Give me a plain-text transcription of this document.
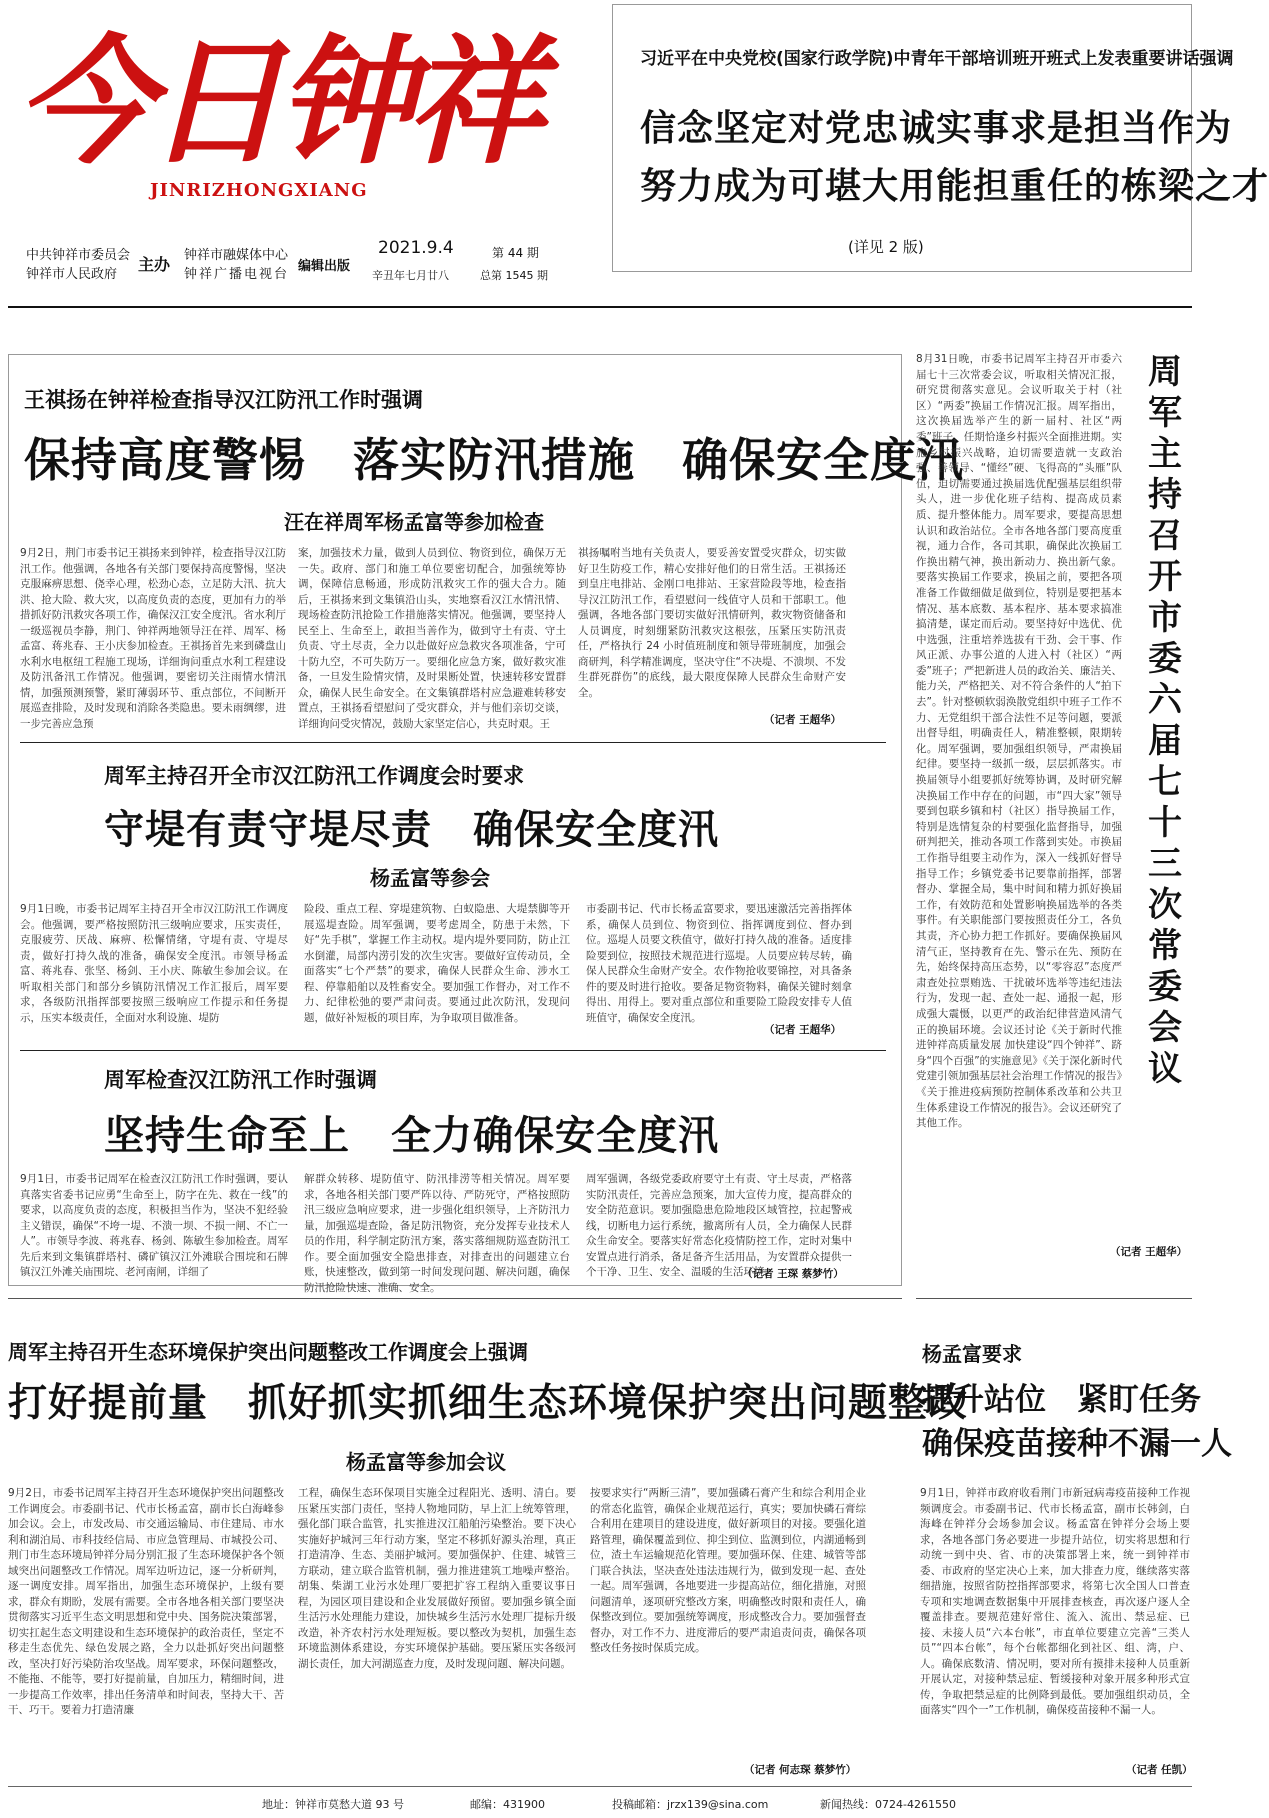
今日钟祥
JINRIZHONGXIANG
中共钟祥市委员会
钟祥市人民政府
主办 钟祥市融媒体中心
钟祥广播电视台
编辑出版
2021.9.4
辛丑年七月廿八
第 44 期
总第 1545 期
习近平在中央党校(国家行政学院)中青年干部培训班开班式上发表重要讲话强调
信念坚定对党忠诚实事求是担当作为
努力成为可堪大用能担重任的栋梁之才
(详见 2 版)
王祺扬在钟祥检查指导汉江防汛工作时强调
保持高度警惕　落实防汛措施　确保安全度汛
汪在祥周军杨孟富等参加检查
9月2日，荆门市委书记王祺扬来到钟祥，检查指导汉江防汛工作。他强调，各地各有关部门要保持高度警惕，坚决克服麻痹思想、侥幸心理，松劲心态，立足防大汛、抗大洪、抢大险、救大灾，以高度负责的态度，更加有力的举措抓好防汛救灾各项工作，确保汉江安全度汛。省水利厅一级巡视员李静，荆门、钟祥两地领导汪在祥、周军、杨孟富、蒋兆春、王小庆参加检查。王祺扬首先来到磷盘山水利水电枢纽工程施工现场，详细询问重点水利工程建设及防汛备汛工作情况。他强调，要密切关注雨情水情汛情，加强预测预警，紧盯薄弱环节、重点部位，不间断开展巡查排险，及时发现和消除各类隐患。要未雨绸缪，进一步完善应急预
案，加强技术力量，做到人员到位、物资到位，确保万无一失。政府、部门和施工单位要密切配合，加强统筹协调，保障信息畅通，形成防汛救灾工作的强大合力。随后，王祺扬来到文集镇沿山头，实地察看汉江水情汛情、现场检查防汛抢险工作措施落实情况。他强调，要坚持人民至上、生命至上，敢担当善作为，做到守土有责、守土负责、守土尽责，全力以赴做好应急救灾各项准备，宁可十防九空，不可失防万一。要细化应急方案，做好救灾准备，一旦发生险情灾情，及时果断处置，快速转移安置群众，确保人民生命安全。在文集镇群塔村应急避难转移安置点，王祺扬看望慰问了受灾群众，并与他们亲切交谈，详细询问受灾情况，鼓励大家坚定信心，共克时艰。王
祺扬嘱咐当地有关负责人，要妥善安置受灾群众，切实做好卫生防疫工作，精心安排好他们的日常生活。王祺扬还到皇庄电排站、金刚口电排站、王家营险段等地，检查指导汉江防汛工作，看望慰问一线值守人员和干部职工。他强调，各地各部门要切实做好汛情研判，救灾物资储备和人员调度，时刻绷紧防汛救灾这根弦，压紧压实防汛责任，严格执行 24 小时值班制度和领导带班制度，加强会商研判，科学精准调度，坚决守住“不决堤、不溃坝、不发生群死群伤”的底线，最大限度保障人民群众生命财产安全。
（记者 王超华）
周军主持召开全市汉江防汛工作调度会时要求
守堤有责守堤尽责　确保安全度汛
杨孟富等参会
9月1日晚，市委书记周军主持召开全市汉江防汛工作调度会。他强调，要严格按照防汛三级响应要求，压实责任，克服疲劳、厌战、麻痹、松懈情绪，守堤有责、守堤尽责，做好打持久战的准备，确保安全度汛。市领导杨孟富、蒋兆春、张坚、杨剑、王小庆、陈敏生参加会议。在听取相关部门和部分乡镇防汛情况工作汇报后，周军要求，各级防汛指挥部要按照三级响应工作提示和任务提示，压实本级责任，全面对水利设施、堤防
险段、重点工程、穿堤建筑物、白蚁隐患、大堤禁脚等开展巡堤查险。周军强调，要考虑周全，防患于未然，下好“先手棋”，掌握工作主动权。堤内堤外要同防，防止江水倒灌，局部内涝引发的次生灾害。要做好宣传动员，全面落实“七个严禁”的要求，确保人民群众生命、涉水工程、停靠船舶以及牲畜安全。要加强工作督办，对工作不力、纪律松弛的要严肃问责。要通过此次防汛，发现问题，做好补短板的项目库，为争取项目做准备。
市委副书记、代市长杨孟富要求，要迅速激活完善指挥体系，确保人员到位、物资到位、指挥调度到位、督办到位。巡堤人员要文秩值守，做好打持久战的准备。适度排险要到位，按照技术规范进行巡堤。人员要应转尽转，确保人民群众生命财产安全。农作物抢收要锦控，对具备条件的要及时进行抢收。要备足物资物料，确保关键时刻拿得出、用得上。要对重点部位和重要险工险段安排专人值班值守，确保安全度汛。
（记者 王超华）
周军检查汉江防汛工作时强调
坚持生命至上　全力确保安全度汛
9月1日，市委书记周军在检查汉江防汛工作时强调，要认真落实省委书记应勇“生命至上，防字在先、救在一线”的要求，以高度负责的态度，积极担当作为，坚决不犯经验主义错误，确保“不垮一堤、不溃一坝、不损一闸、不亡一人”。市领导李波、蒋兆春、杨剑、陈敏生参加检查。周军先后来到文集镇群塔村、磷矿镇汉江外滩联合围垸和石牌镇汉江外滩关庙围垸、老河南闸，详细了
解群众转移、堤防值守、防汛排涝等相关情况。周军要求，各地各相关部门要严阵以待、严防死守，严格按照防汛三级应急响应要求，进一步强化组织领导，上齐防汛力量，加强巡堤查险，备足防汛物资，充分发挥专业技术人员的作用，科学制定防汛方案，落实落细规防巡查防汛工作。要全面加强安全隐患排查，对排查出的问题建立台账，快速整改，做到第一时间发现问题、解决问题，确保防汛抢险快速、准确、安全。
周军强调，各级党委政府要守土有责、守土尽责，严格落实防汛责任，完善应急预案，加大宣传力度，提高群众的安全防范意识。要加强隐患危险地段区域管控，拉起警戒线，切断电力运行系统，撤离所有人员，全力确保人民群众生命安全。要落实好常态化疫情防控工作，定时对集中安置点进行消杀，备足备齐生活用品，为安置群众提供一个干净、卫生、安全、温暖的生活环境。
（记者 王琛 蔡梦竹）
8月31日晚，市委书记周军主持召开市委六届七十三次常委会议，听取相关情况汇报，研究贯彻落实意见。会议听取关于村（社区）“两委”换届工作情况汇报。周军指出，这次换届选举产生的新一届村、社区“两委”班子，任期恰逢乡村振兴全面推进期。实施乡村振兴战略，迫切需要造就一支政治强、善领导、“懂经”硬、飞得高的“头雁”队伍，迫切需要通过换届选优配强基层组织带头人，进一步优化班子结构、提高成员素质、提升整体能力。周军要求，要提高思想认识和政治站位。全市各地各部门要高度重视，通力合作，各司其职，确保此次换届工作换出精气神，换出新动力、换出新气象。要落实换届工作要求，换届之前，要把各项准备工作做细做足做到位，特别是要把基本情况、基本底数、基本程序、基本要求搞准搞清楚，谋定而后动。要坚持好中选优、优中选强，注重培养选拔有干劲、会干事、作风正派、办事公道的人进入村（社区）“两委”班子；严把新进人员的政治关、廉洁关、能力关，严格把关、对不符合条件的人“拍下去”。针对整顿软弱涣散党组织中班子工作不力、无党组织干部合法性不足等问题，要派出督导组，明确责任人，精准整顿，限期转化。周军强调，要加强组织领导，严肃换届纪律。要坚持一级抓一级，层层抓落实。市换届领导小组要抓好统筹协调，及时研究解决换届工作中存在的问题，市“四大家”领导要到包联乡镇和村（社区）指导换届工作，特别是选情复杂的村要强化监督指导，加强研判把关，推动各项工作落到实处。市换届工作指导组要主动作为，深入一线抓好督导指导工作；乡镇党委书记要靠前指挥，部署督办、掌握全局，集中时间和精力抓好换届工作，有效防范和处置影响换届选举的各类事件。有关职能部门要按照责任分工，各负其责，齐心协力把工作抓好。要确保换届风清气正，坚持教育在先、警示在先、预防在先，始终保持高压态势，以“零容忍”态度严肃查处拉票贿选、干扰破坏选举等违纪违法行为，发现一起、查处一起、通报一起，形成强大震慑，以更严的政治纪律营造风清气正的换届环境。会议还讨论《关于新时代推进钟祥高质量发展 加快建设“四个钟祥”、跻身“四个百强”的实施意见》《关于深化新时代党建引领加强基层社会治理工作情况的报告》《关于推进疫病预防控制体系改革和公共卫生体系建设工作情况的报告》。会议还研究了其他工作。
周军主持召开市委六届七十三次常委会议
（记者 王超华）
周军主持召开生态环境保护突出问题整改工作调度会上强调
打好提前量　抓好抓实抓细生态环境保护突出问题整改
杨孟富等参加会议
9月2日，市委书记周军主持召开生态环境保护突出问题整改工作调度会。市委副书记、代市长杨孟富，副市长白海峰参加会议。会上，市发改局、市交通运输局、市住建局、市水利和湖泊局、市科技经信局、市应急管理局、市城投公司、荆门市生态环境局钟祥分局分别汇报了生态环境保护各个领域突出问题整改工作情况。周军边听边记，逐一分析研判，逐一调度安排。周军指出，加强生态环境保护，上级有要求，群众有期盼，发展有需要。全市各地各相关部门要坚决贯彻落实习近平生态文明思想和党中央、国务院决策部署，切实扛起生态文明建设和生态环境保护的政治责任，坚定不移走生态优先、绿色发展之路，全力以赴抓好突出问题整改，坚决打好污染防治攻坚战。周军要求，环保问题整改，不能拖、不能等，要打好提前量，自加压力，精细时间，进一步提高工作效率，排出任务清单和时间表，坚持大干、苦干、巧干。要着力打造清廉
工程，确保生态环保项目实施全过程阳光、透明、清白。要压紧压实部门责任，坚持人物地同防，早上汇上统筹管理，强化部门联合监管，扎实推进汉江船舶污染整治。要下决心实施好护城河三年行动方案，坚定不移抓好源头治理，真正打造清净、生态、美丽护城河。要加强保护、住建、城管三方联动，建立联合监管机制，强力推进建筑工地噪声整治。胡集、柴湖工业污水处理厂要把扩容工程纳入重要议事日程，为园区项目建设和企业发展做好预留。要加强乡镇全面生活污水处理能力建设，加快城乡生活污水处理厂提标升级改造，补齐农村污水处理短板。要以整改为契机，加强生态环境监测体系建设，夯实环境保护基础。要压紧压实各级河湖长责任，加大河湖巡查力度，及时发现问题、解决问题。
按要求实行“两断三清”，要加强磷石膏产生和综合利用企业的常态化监管，确保企业规范运行，真实；要加快磷石膏综合利用在建项目的建设进度，做好新项目的对接。要强化道路管理，确保覆盖到位、抑尘到位、监测到位，内湖通畅到位，渣土车运输规范化管理。要加强环保、住建、城管等部门联合执法，坚决查处违法违规行为，做到发现一起、查处一起。周军强调，各地要进一步提高站位，细化措施，对照问题清单，逐项研究整改方案，明确整改时限和责任人，确保整改到位。要加强统筹调度，形成整改合力。要加强督查督办，对工作不力、进度滞后的要严肃追责问责，确保各项整改任务按时保质完成。
（记者 何志琛 蔡梦竹）
杨孟富要求
提升站位　紧盯任务
确保疫苗接种不漏一人
9月1日，钟祥市政府收看荆门市新冠病毒疫苗接种工作视频调度会。市委副书记、代市长杨孟富，副市长韩剑，白海峰在钟祥分会场参加会议。杨孟富在钟祥分会场上要求，各地各部门务必要进一步提升站位，切实将思想和行动统一到中央、省、市的决策部署上来，统一到钟祥市委、市政府的坚定决心上来，加大排查力度，继续落实落细措施，按照省防控指挥部要求，将第七次全国人口普查专项和实地调查数据集中开展排查核查，再次逐户逐人全覆盖排查。要规范建好常住、流入、流出、禁忌症、已接、未接人员“六本台帐”，市直单位要建立完善“三类人员”“四本台帐”，每个台帐都细化到社区、组、湾，户、人。确保底数清、情况明，要对所有摸排未接种人员重新开展认定，对接种禁忌症、暂缓接种对象开展多种形式宣传，争取把禁忌症的比例降到最低。要加强组织动员，全面落实“四个一”工作机制，确保疫苗接种不漏一人。
（记者 任凯）
地址：钟祥市莫愁大道 93 号	邮编：431900	投稿邮箱：jrzx139@sina.com	新闻热线：0724-4261550
